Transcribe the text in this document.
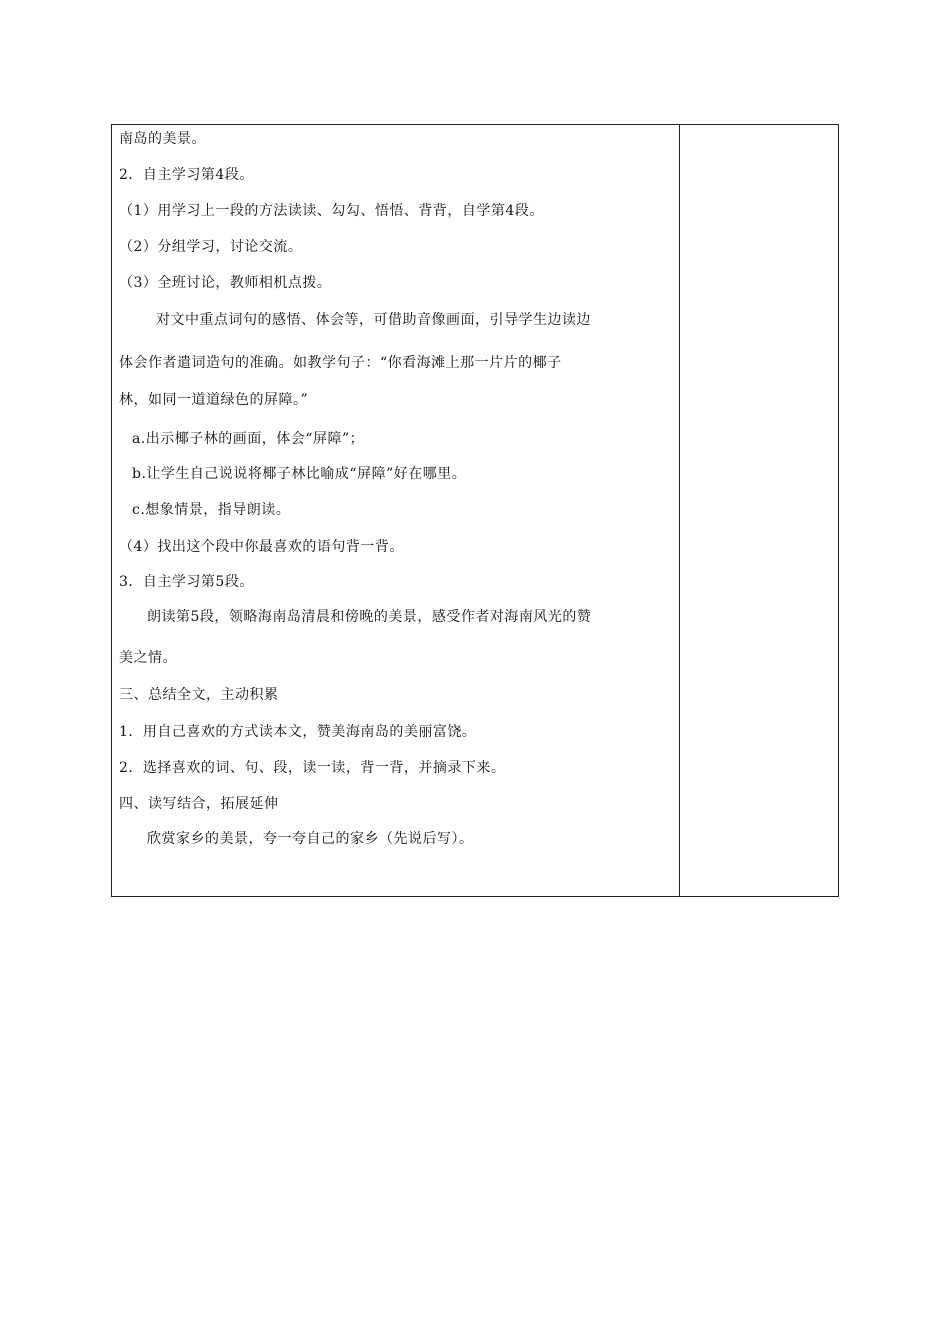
南岛的美景。
2．自主学习第4段。
（1）用学习上一段的方法读读、勾勾、悟悟、背背，自学第4段。
（2）分组学习，讨论交流。
（3）全班讨论，教师相机点拨。
对文中重点词句的感悟、体会等，可借助音像画面，引导学生边读边
体会作者遣词造句的准确。如教学句子：“你看海滩上那一片片的椰子
林，如同一道道绿色的屏障。”
a.出示椰子林的画面，体会“屏障”；
b.让学生自己说说将椰子林比喻成“屏障”好在哪里。
c.想象情景，指导朗读。
（4）找出这个段中你最喜欢的语句背一背。
3．自主学习第5段。
朗读第5段，领略海南岛清晨和傍晚的美景，感受作者对海南风光的赞
美之情。
三、总结全文，主动积累
1．用自己喜欢的方式读本文，赞美海南岛的美丽富饶。
2．选择喜欢的词、句、段，读一读，背一背，并摘录下来。
四、读写结合，拓展延伸
欣赏家乡的美景，夸一夸自己的家乡（先说后写）。
